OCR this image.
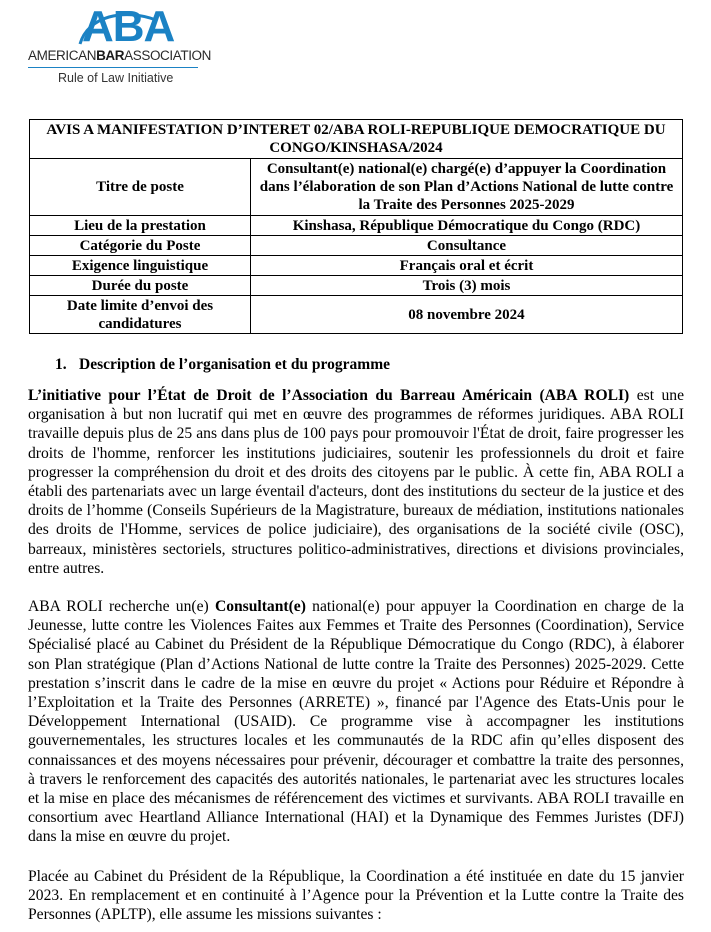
ABA
AMERICANBARASSOCIATION
Rule of Law Initiative
AVIS A MANIFESTATION D’INTERET 02/ABA ROLI-REPUBLIQUE DEMOCRATIQUE DU CONGO/KINSHASA/2024	
Titre de poste	Consultant(e) national(e) chargé(e) d’appuyer la Coordination dans l’élaboration de son Plan d’Actions National de lutte contre la Traite des Personnes 2025-2029
Lieu de la prestation	Kinshasa, République Démocratique du Congo (RDC)
Catégorie du Poste	Consultance
Exigence linguistique	Français oral et écrit
Durée du poste	Trois (3) mois
Date limite d’envoi des candidatures	08 novembre 2024
1. Description de l’organisation et du programme
L’initiative pour l’État de Droit de l’Association du Barreau Américain (ABA ROLI) est une organisation à but non lucratif qui met en œuvre des programmes de réformes juridiques. ABA ROLI travaille depuis plus de 25 ans dans plus de 100 pays pour promouvoir l'État de droit, faire progresser les droits de l'homme, renforcer les institutions judiciaires, soutenir les professionnels du droit et faire progresser la compréhension du droit et des droits des citoyens par le public. À cette fin, ABA ROLI a établi des partenariats avec un large éventail d'acteurs, dont des institutions du secteur de la justice et des droits de l’homme (Conseils Supérieurs de la Magistrature, bureaux de médiation, institutions nationales des droits de l'Homme, services de police judiciaire), des organisations de la société civile (OSC), barreaux, ministères sectoriels, structures politico-administratives, directions et divisions provinciales, entre autres.
ABA ROLI recherche un(e) Consultant(e) national(e) pour appuyer la Coordination en charge de la Jeunesse, lutte contre les Violences Faites aux Femmes et Traite des Personnes (Coordination), Service Spécialisé placé au Cabinet du Président de la République Démocratique du Congo (RDC), à élaborer son Plan stratégique (Plan d’Actions National de lutte contre la Traite des Personnes) 2025-2029. Cette prestation s’inscrit dans le cadre de la mise en œuvre du projet « Actions pour Réduire et Répondre à l’Exploitation et la Traite des Personnes (ARRETE) », financé par l'Agence des Etats-Unis pour le Développement International (USAID). Ce programme vise à accompagner les institutions gouvernementales, les structures locales et les communautés de la RDC afin qu’elles disposent des connaissances et des moyens nécessaires pour prévenir, décourager et combattre la traite des personnes, à travers le renforcement des capacités des autorités nationales, le partenariat avec les structures locales et la mise en place des mécanismes de référencement des victimes et survivants. ABA ROLI travaille en consortium avec Heartland Alliance International (HAI) et la Dynamique des Femmes Juristes (DFJ) dans la mise en œuvre du projet.
Placée au Cabinet du Président de la République, la Coordination a été instituée en date du 15 janvier 2023. En remplacement et en continuité à l’Agence pour la Prévention et la Lutte contre la Traite des Personnes (APLTP), elle assume les missions suivantes :
